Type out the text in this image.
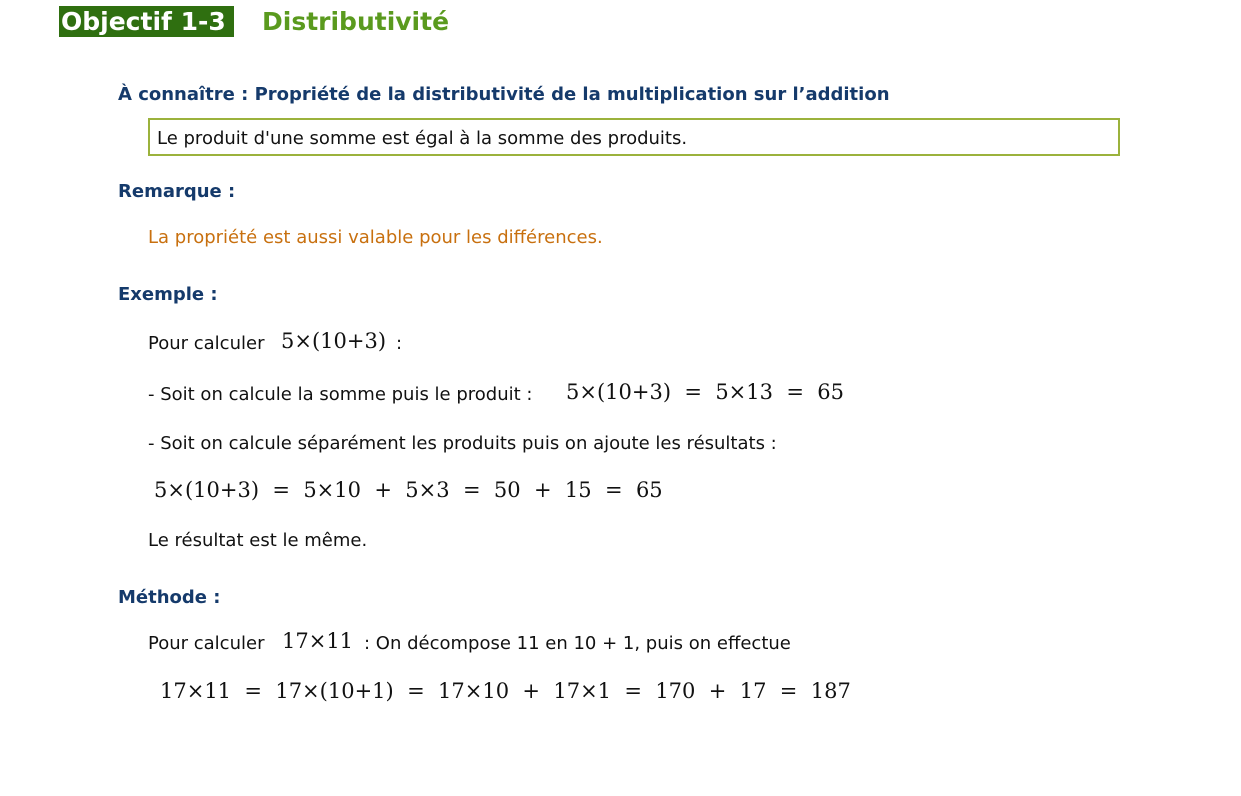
Objectif 1-3	Distributivité
À connaître : Propriété de la distributivité de la multiplication sur l’addition
Le produit d'une somme est égal à la somme des produits.
Remarque :
La propriété est aussi valable pour les différences.
Exemple :
Pour calculer 5×(10+3) :
- Soit on calcule la somme puis le produit : 5×(10+3)  =  5×13  =  65
- Soit on calcule séparément les produits puis on ajoute les résultats :
5×(10+3)  =  5×10  +  5×3  =  50  +  15  =  65
Le résultat est le même.
Méthode :
Pour calculer 17×11 : On décompose 11 en 10 + 1, puis on effectue
17×11  =  17×(10+1)  =  17×10  +  17×1  =  170  +  17  =  187
